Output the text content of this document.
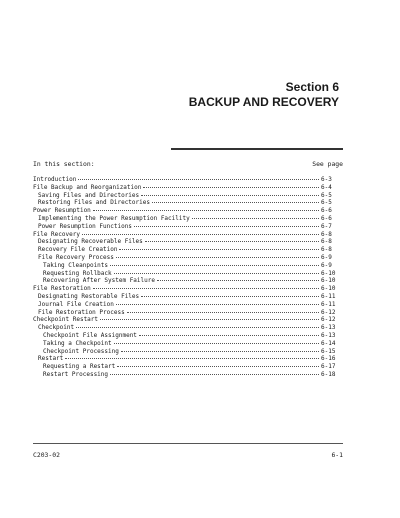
Section 6
BACKUP AND RECOVERY
In this section:	See page
Introduction	6-3
File Backup and Reorganization	6-4
Saving Files and Directories	6-5
Restoring Files and Directories	6-5
Power Resumption	6-6
Implementing the Power Resumption Facility	6-6
Power Resumption Functions	6-7
File Recovery	6-8
Designating Recoverable Files	6-8
Recovery File Creation	6-8
File Recovery Process	6-9
Taking Cleanpoints	6-9
Requesting Rollback	6-10
Recovering After System Failure	6-10
File Restoration	6-10
Designating Restorable Files	6-11
Journal File Creation	6-11
File Restoration Process	6-12
Checkpoint Restart	6-12
Checkpoint	6-13
Checkpoint File Assignment	6-13
Taking a Checkpoint	6-14
Checkpoint Processing	6-15
Restart	6-16
Requesting a Restart	6-17
Restart Processing	6-18
C203-02	6-1
